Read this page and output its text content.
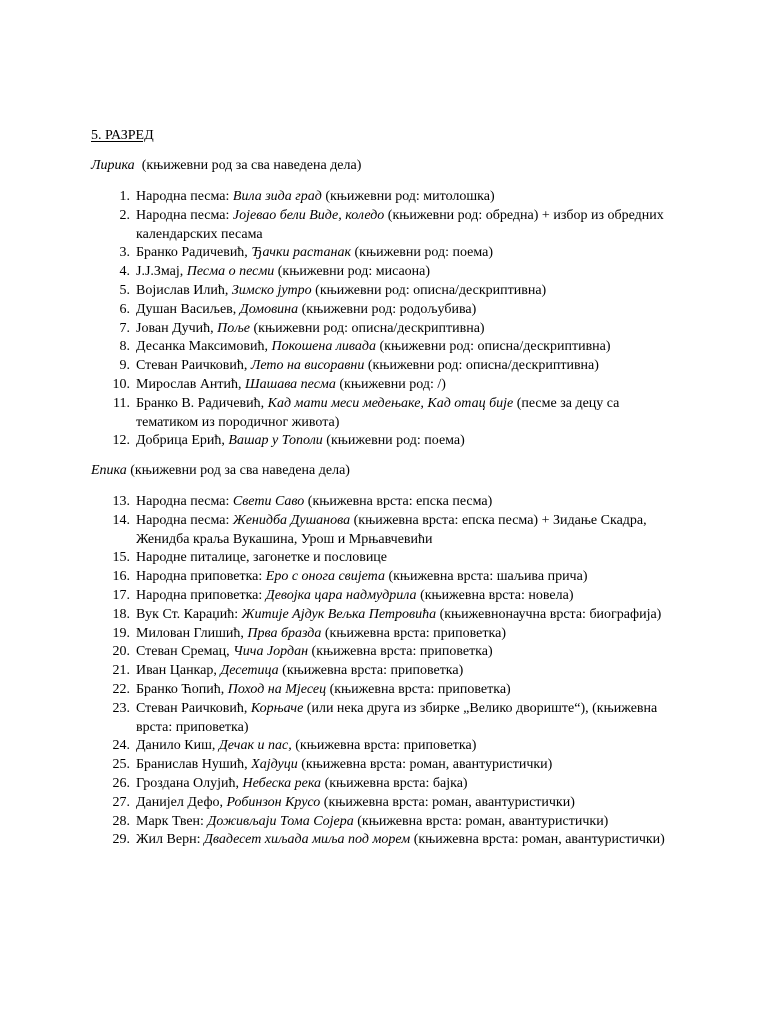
5. РАЗРЕД
Лирика  (књижевни род за сва наведена дела)
1. Народна песма: Вила зида град (књижевни род: митолошка)
2. Народна песма: Јојевао бели Виде, коледо (књижевни род: обредна) + избор из обредних календарских песама
3. Бранко Радичевић, Ђачки растанак (књижевни род: поема)
4. Ј.Ј.Змај, Песма о песми (књижевни род: мисаона)
5. Војислав Илић, Зимско јутро (књижевни род: описна/дескриптивна)
6. Душан Васиљев, Домовина (књижевни род: родољубива)
7. Јован Дучић, Поље (књижевни род: описна/дескриптивна)
8. Десанка Максимовић, Покошена ливада (књижевни род: описна/дескриптивна)
9. Стеван Раичковић, Лето на висоравни (књижевни род: описна/дескриптивна)
10. Мирослав Антић, Шашава песма (књижевни род: /)
11. Бранко В. Радичевић, Кад мати меси медењаке, Кад отац бије (песме за децу са тематиком из породичног живота)
12. Добрица Ерић, Вашар у Тополи (књижевни род: поема)
Епика (књижевни род за сва наведена дела)
13. Народна песма: Свети Саво (књижевна врста: епска песма)
14. Народна песма: Женидба Душанова (књижевна врста: епска песма) + Зидање Скадра, Женидба краља Вукашина, Урош и Мрњавчевићи
15. Народне питалице, загонетке и пословице
16. Народна приповетка: Еро с онога свијета (књижевна врста: шаљива прича)
17. Народна приповетка: Девојка цара надмудрила (књижевна врста: новела)
18. Вук Ст. Караџић: Житије Ајдук Вељка Петровића (књижевнонаучна врста: биографија)
19. Милован Глишић, Прва бразда (књижевна врста: приповетка)
20. Стеван Сремац, Чича Јордан (књижевна врста: приповетка)
21. Иван Цанкар, Десетица (књижевна врста: приповетка)
22. Бранко Ћопић, Поход на Мјесец (књижевна врста: приповетка)
23. Стеван Раичковић, Корњаче (или нека друга из збирке „Велико двориште“), (књижевна врста: приповетка)
24. Данило Киш, Дечак и пас, (књижевна врста: приповетка)
25. Бранислав Нушић, Хајдуци (књижевна врста: роман, авантуристички)
26. Гроздана Олујић, Небеска река (књижевна врста: бајка)
27. Данијел Дефо, Робинзон Крусо (књижевна врста: роман, авантуристички)
28. Марк Твен: Доживљаји Тома Сојера (књижевна врста: роман, авантуристички)
29. Жил Верн: Двадесет хиљада миља под морем (књижевна врста: роман, авантуристички)
